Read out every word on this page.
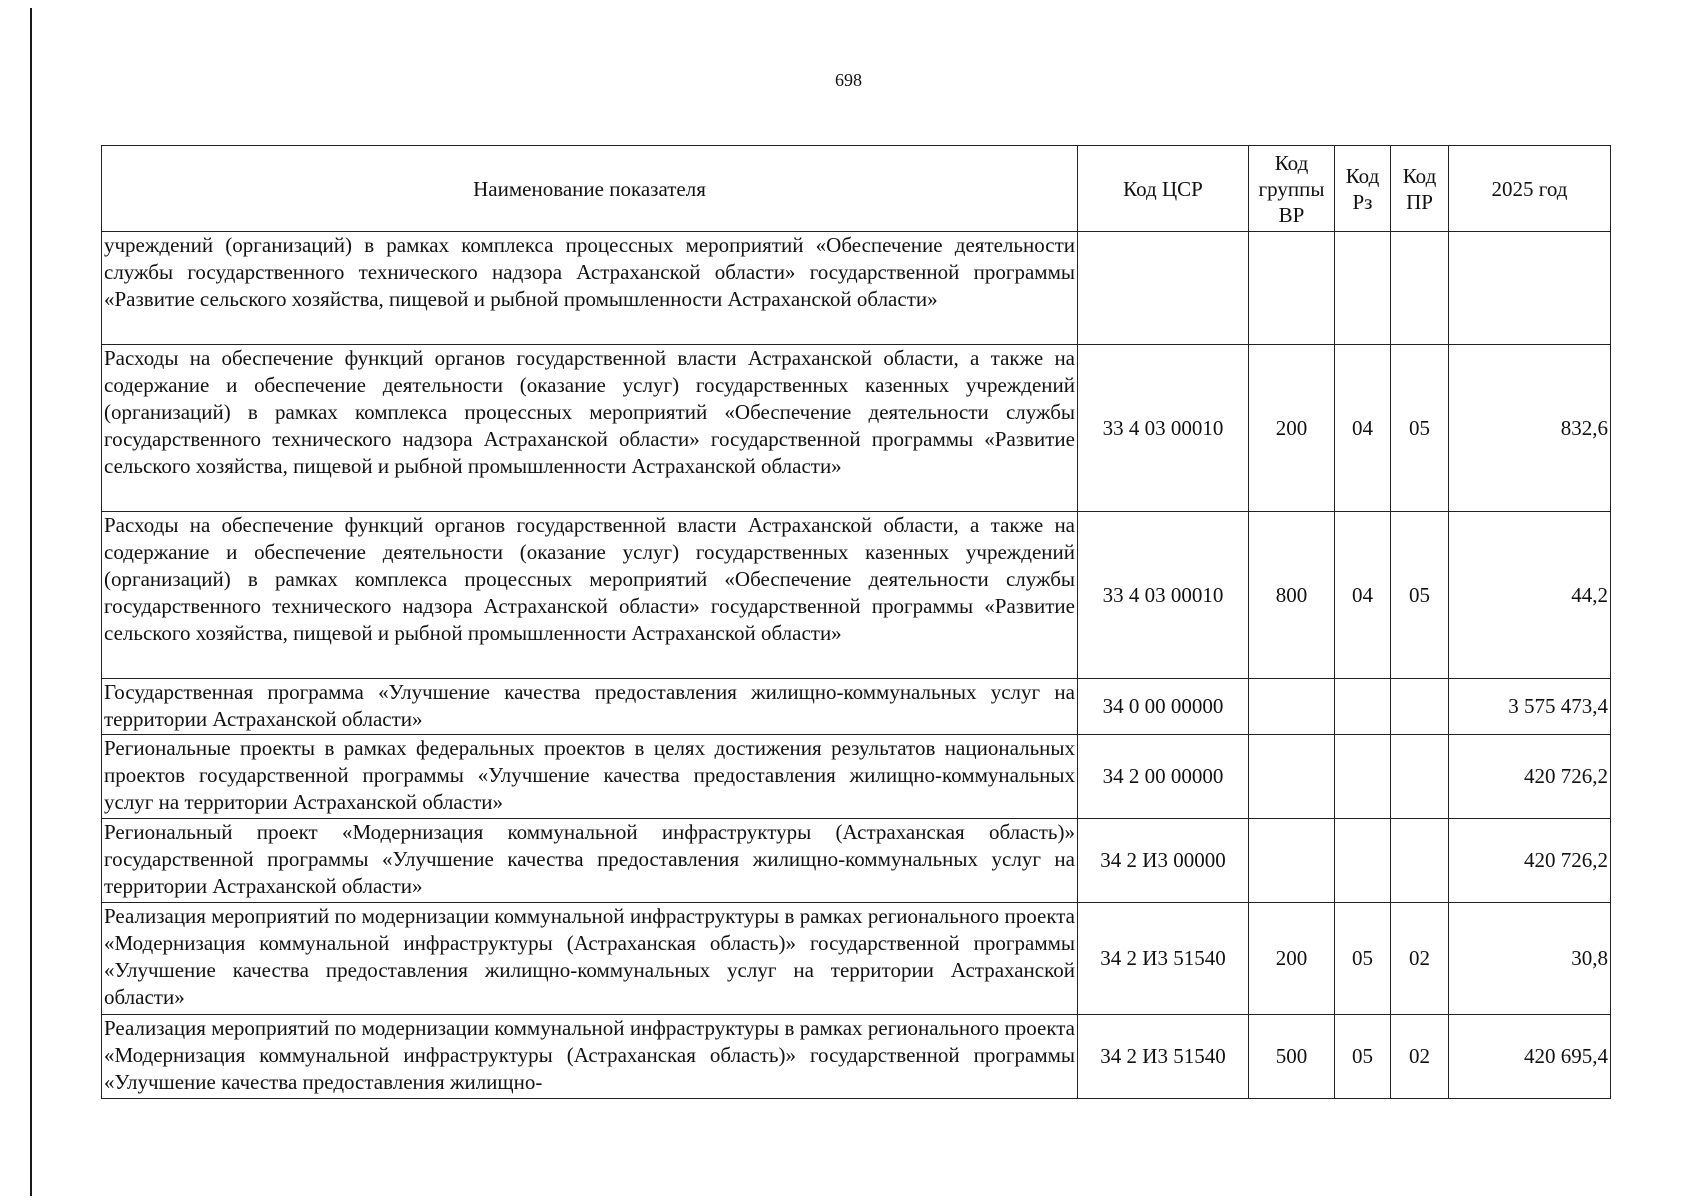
698
Наименование показателя	Код ЦСР	Код группы ВР	Код Рз	Код ПР	2025 год
учреждений (организаций) в рамках комплекса процессных мероприятий «Обеспечение деятельности службы государственного технического надзора Астраханской области» государственной программы «Развитие сельского хозяйства, пищевой и рыбной промышленности Астраханской области»					
Расходы на обеспечение функций органов государственной власти Астраханской области, а также на содержание и обеспечение деятельности (оказание услуг) государственных казенных учреждений (организаций) в рамках комплекса процессных мероприятий «Обеспечение деятельности службы государственного технического надзора Астраханской области» государственной программы «Развитие сельского хозяйства, пищевой и рыбной промышленности Астраханской области»	33 4 03 00010	200	04	05	832,6
Расходы на обеспечение функций органов государственной власти Астраханской области, а также на содержание и обеспечение деятельности (оказание услуг) государственных казенных учреждений (организаций) в рамках комплекса процессных мероприятий «Обеспечение деятельности службы государственного технического надзора Астраханской области» государственной программы «Развитие сельского хозяйства, пищевой и рыбной промышленности Астраханской области»	33 4 03 00010	800	04	05	44,2
Государственная программа «Улучшение качества предоставления жилищно-коммунальных услуг на территории Астраханской области»	34 0 00 00000				3 575 473,4
Региональные проекты в рамках федеральных проектов в целях достижения результатов национальных проектов государственной программы «Улучшение качества предоставления жилищно-коммунальных услуг на территории Астраханской области»	34 2 00 00000				420 726,2
Региональный проект «Модернизация коммунальной инфраструктуры (Астраханская область)» государственной программы «Улучшение качества предоставления жилищно-коммунальных услуг на территории Астраханской области»	34 2 И3 00000				420 726,2
Реализация мероприятий по модернизации коммунальной инфраструктуры в рамках регионального проекта «Модернизация коммунальной инфраструктуры (Астраханская область)» государственной программы «Улучшение качества предоставления жилищно-коммунальных услуг на территории Астраханской области»	34 2 И3 51540	200	05	02	30,8
Реализация мероприятий по модернизации коммунальной инфраструктуры в рамках регионального проекта «Модернизация коммунальной инфраструктуры (Астраханская область)» государственной программы «Улучшение качества предоставления жилищно-	34 2 И3 51540	500	05	02	420 695,4
